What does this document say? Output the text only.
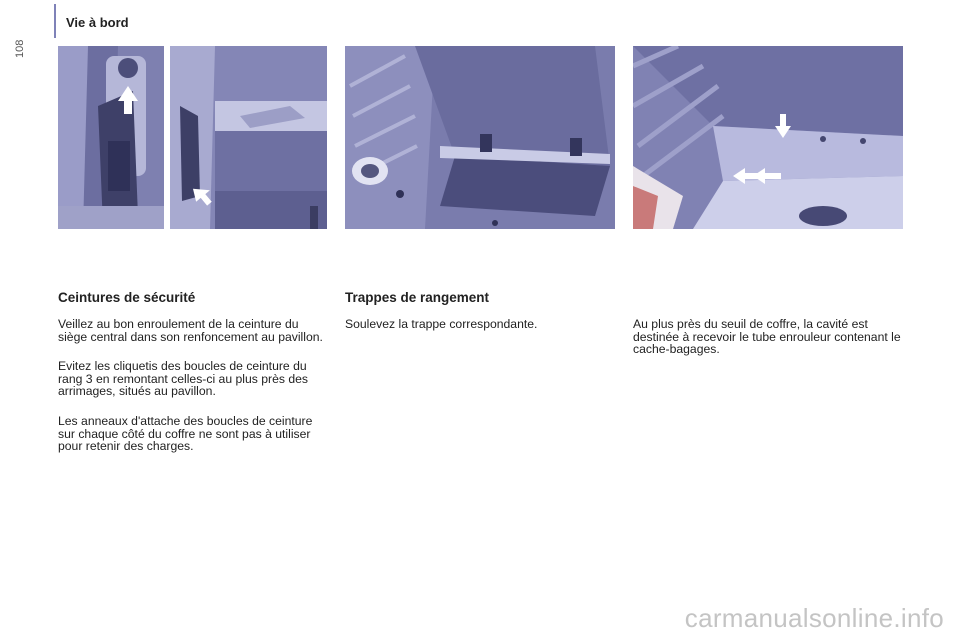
108
Vie à bord
Ceintures de sécurité

Veillez au bon enroulement de la ceinture du siège central dans son renfoncement au pavillon.

Evitez les cliquetis des boucles de ceinture du rang 3 en remontant celles-ci au plus près des arrimages, situés au pavillon.

Les anneaux d'attache des boucles de ceinture sur chaque côté du coffre ne sont pas à utiliser pour retenir des charges.

Trappes de rangement

Soulevez la trappe correspondante.	Au plus près du seuil de coffre, la cavité est destinée à recevoir le tube enrouleur contenant le cache-bagages.

carmanualsonline.info
